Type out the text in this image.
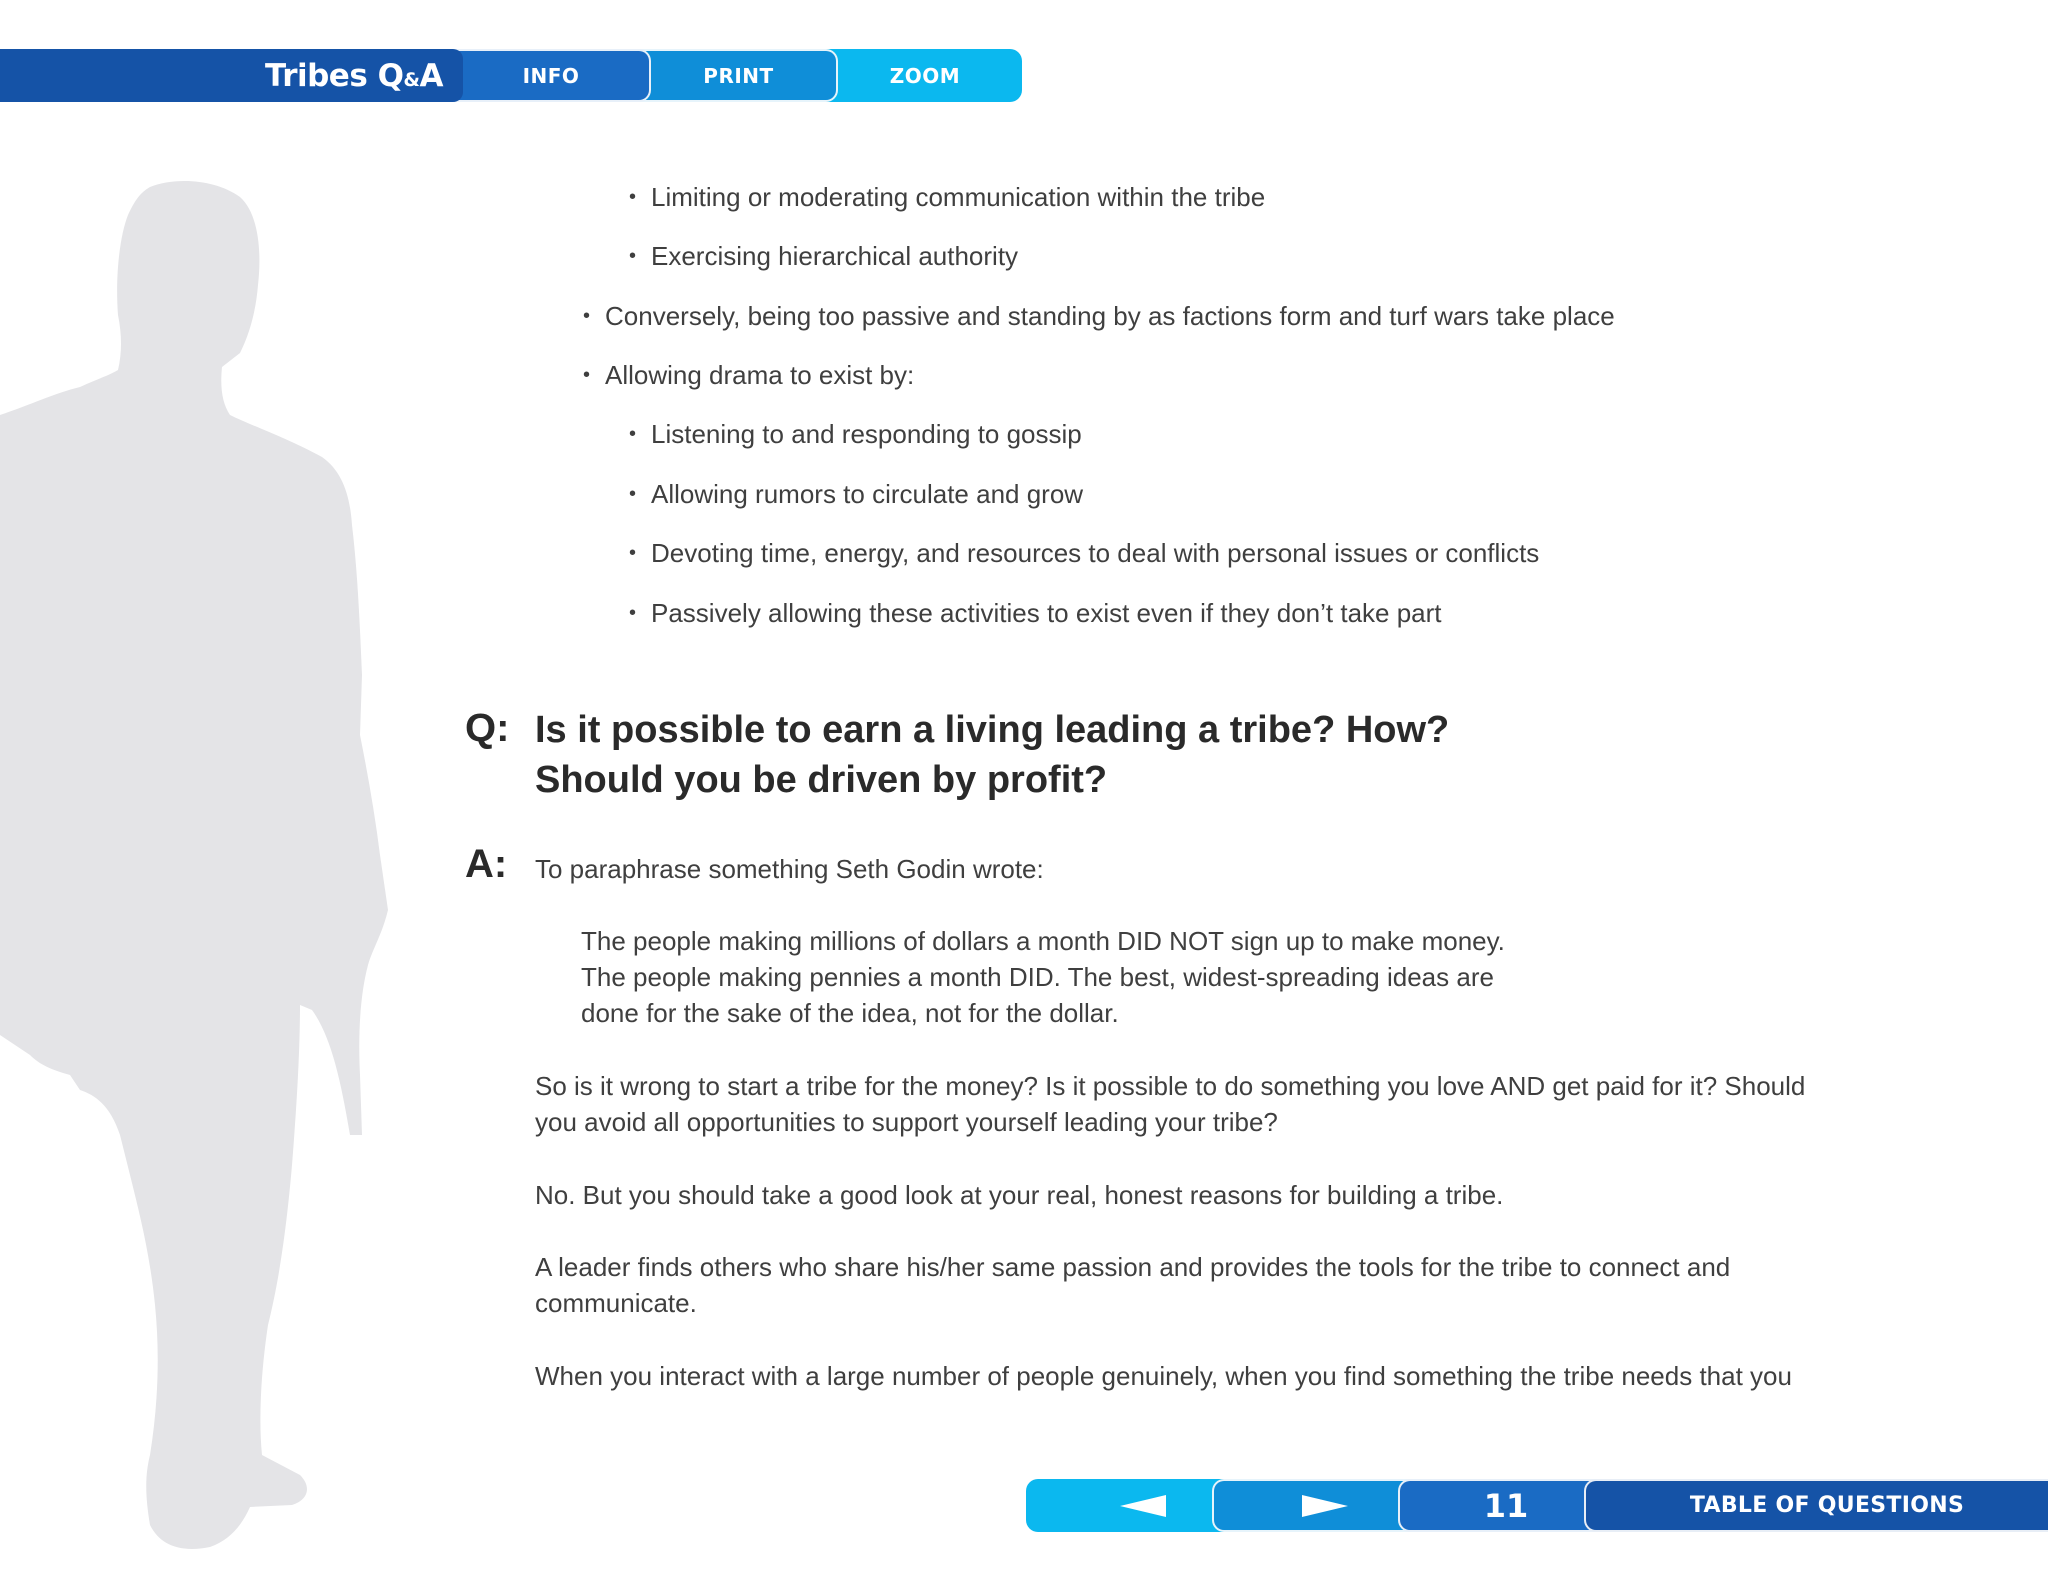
Tribes Q&A	INFO	PRINT	ZOOM
• Limiting or moderating communication within the tribe
• Exercising hierarchical authority
• Conversely, being too passive and standing by as factions form and turf wars take place
• Allowing drama to exist by:
• Listening to and responding to gossip
• Allowing rumors to circulate and grow
• Devoting time, energy, and resources to deal with personal issues or conflicts
• Passively allowing these activities to exist even if they don’t take part
Q: Is it possible to earn a living leading a tribe? How?
Should you be driven by profit?
A: To paraphrase something Seth Godin wrote:
The people making millions of dollars a month DID NOT sign up to make money.
The people making pennies a month DID. The best, widest-spreading ideas are
done for the sake of the idea, not for the dollar.
So is it wrong to start a tribe for the money? Is it possible to do something you love AND get paid for it? Should
you avoid all opportunities to support yourself leading your tribe?
No. But you should take a good look at your real, honest reasons for building a tribe.
A leader finds others who share his/her same passion and provides the tools for the tribe to connect and
communicate.
When you interact with a large number of people genuinely, when you find something the tribe needs that you
11	TABLE OF QUESTIONS
